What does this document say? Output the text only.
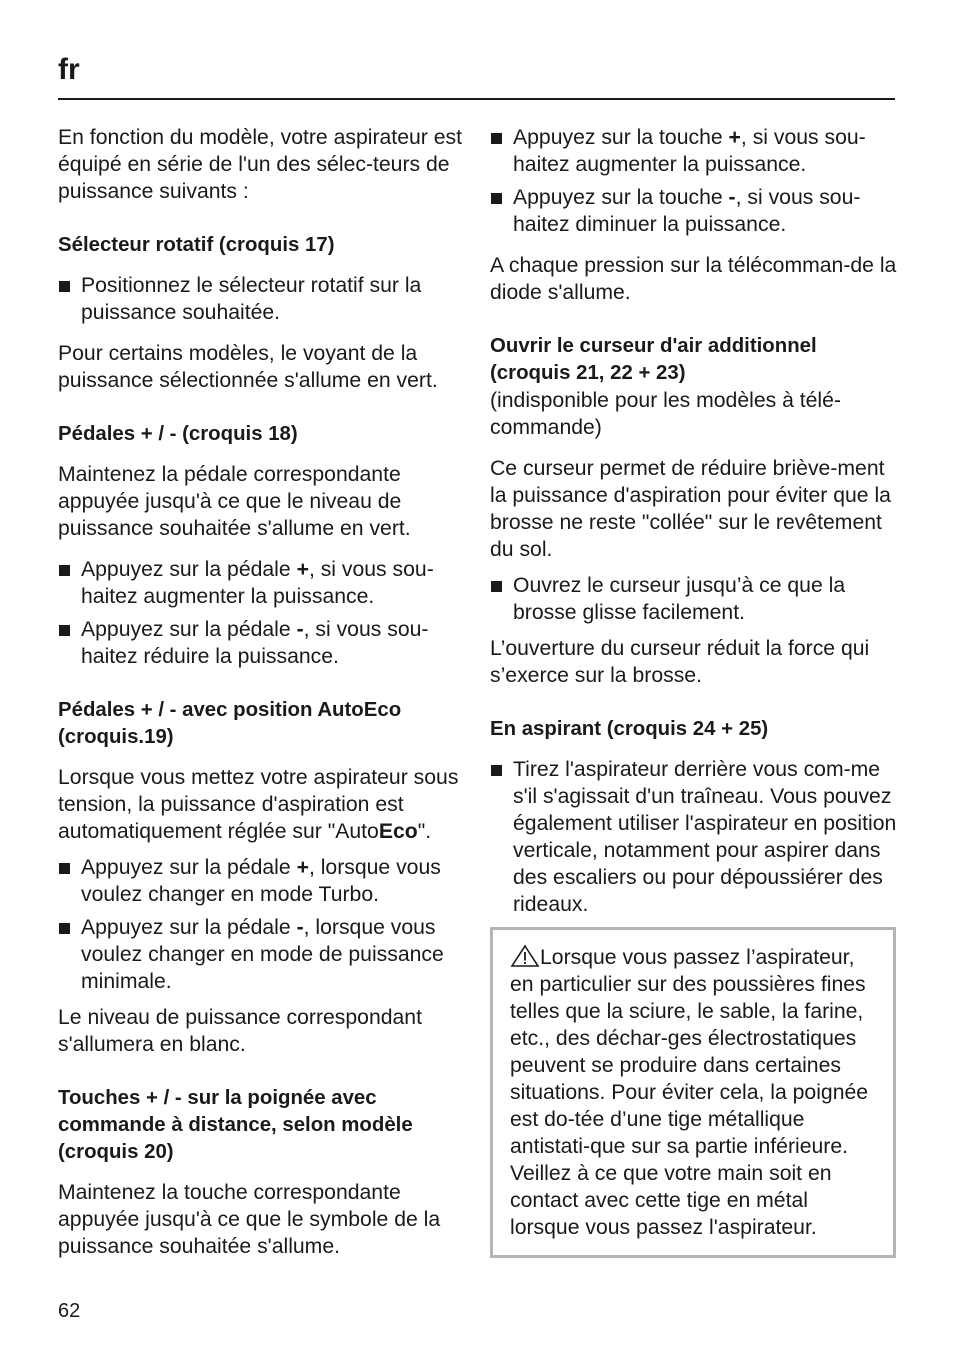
fr

En fonction du modèle, votre aspirateur est équipé en série de l'un des sélec-teurs de puissance suivants :

Sélecteur rotatif (croquis 17)

Positionnez le sélecteur rotatif sur la puissance souhaitée.

Pour certains modèles, le voyant de la puissance sélectionnée s'allume en vert.

Pédales + / - (croquis 18)

Maintenez la pédale correspondante appuyée jusqu'à ce que le niveau de puissance souhaitée s'allume en vert.

Appuyez sur la pédale +, si vous sou-haitez augmenter la puissance.
Appuyez sur la pédale -, si vous sou-haitez réduire la puissance.

Pédales + / - avec position AutoEco (croquis.19)

Lorsque vous mettez votre aspirateur sous tension, la puissance d'aspiration est automatiquement réglée sur "AutoEco".

Appuyez sur la pédale +, lorsque vous voulez changer en mode Turbo.
Appuyez sur la pédale -, lorsque vous voulez changer en mode de puissance minimale.

Le niveau de puissance correspondant s'allumera en blanc.

Touches + / - sur la poignée avec commande à distance, selon modèle (croquis 20)

Maintenez la touche correspondante appuyée jusqu'à ce que le symbole de la puissance souhaitée s'allume.

Appuyez sur la touche +, si vous sou-haitez augmenter la puissance.
Appuyez sur la touche -, si vous sou-haitez diminuer la puissance.

A chaque pression sur la télécomman-de la diode s'allume.

Ouvrir le curseur d'air additionnel (croquis 21, 22 + 23)

(indisponible pour les modèles à télé-commande)

Ce curseur permet de réduire briève-ment la puissance d'aspiration pour éviter que la brosse ne reste "collée" sur le revêtement du sol.

Ouvrez le curseur jusqu’à ce que la brosse glisse facilement.

L’ouverture du curseur réduit la force qui s’exerce sur la brosse.

En aspirant (croquis 24 + 25)

Tirez l'aspirateur derrière vous com-me s'il s'agissait d'un traîneau. Vous pouvez également utiliser l'aspirateur en position verticale, notamment pour aspirer dans des escaliers ou pour dépoussiérer des rideaux.
Lorsque vous passez l’aspirateur, en particulier sur des poussières fines telles que la sciure, le sable, la farine, etc., des déchar-ges électrostatiques peuvent se produire dans certaines situations. Pour éviter cela, la poignée est do-tée d’une tige métallique antistati-que sur sa partie inférieure. Veillez à ce que votre main soit en contact avec cette tige en métal lorsque vous passez l'aspirateur.
62
